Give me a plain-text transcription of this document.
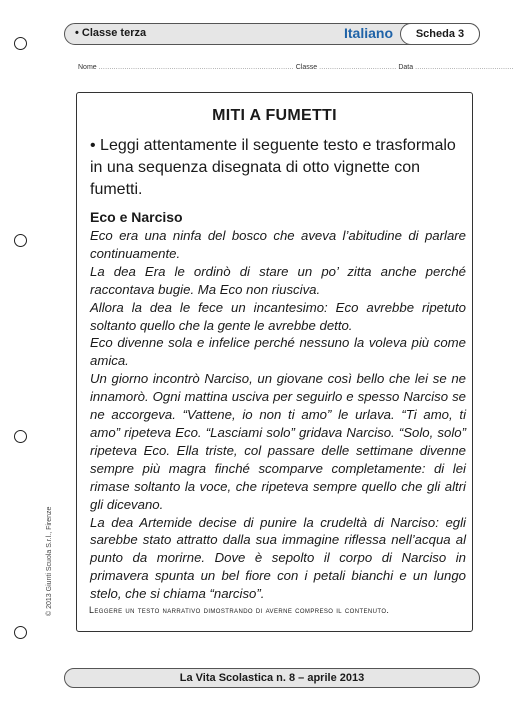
• Classe terza	Italiano	Scheda 3
Nome ........................................................................................... Classe .................................... Data ..............................................
MITI A FUMETTI
• Leggi attentamente il seguente testo e trasformalo in una sequenza disegnata di otto vignette con fumetti.
Eco e Narciso

Eco era una ninfa del bosco che aveva l’abitudine di parlare continuamente.

La dea Era le ordinò di stare un po’ zitta anche perché raccontava bugie. Ma Eco non riusciva.

Allora la dea le fece un incantesimo: Eco avrebbe ripetuto soltanto quello che la gente le avrebbe detto.

Eco divenne sola e infelice perché nessuno la voleva più come amica.

Un giorno incontrò Narciso, un giovane così bello che lei se ne innamorò. Ogni mattina usciva per seguirlo e spesso Narciso se ne accorgeva. “Vattene, io non ti amo” le urlava. “Ti amo, ti amo” ripeteva Eco. “Lasciami solo” gridava Narciso. “Solo, solo” ripeteva Eco. Ella triste, col passare delle settimane divenne sempre più magra finché scomparve completamente: di lei rimase soltanto la voce, che ripeteva sempre quello che gli altri gli dicevano.

La dea Artemide decise di punire la crudeltà di Narciso: egli sarebbe stato attratto dalla sua immagine riflessa nell’acqua al punto da morirne. Dove è sepolto il corpo di Narciso in primavera spunta un bel fiore con i petali bianchi e un lungo stelo, che si chiama “narciso”.

Leggere un testo narrativo dimostrando di averne compreso il contenuto.
© 2013 Giunti Scuola S.r.l., Firenze
La Vita Scolastica n. 8 – aprile 2013
